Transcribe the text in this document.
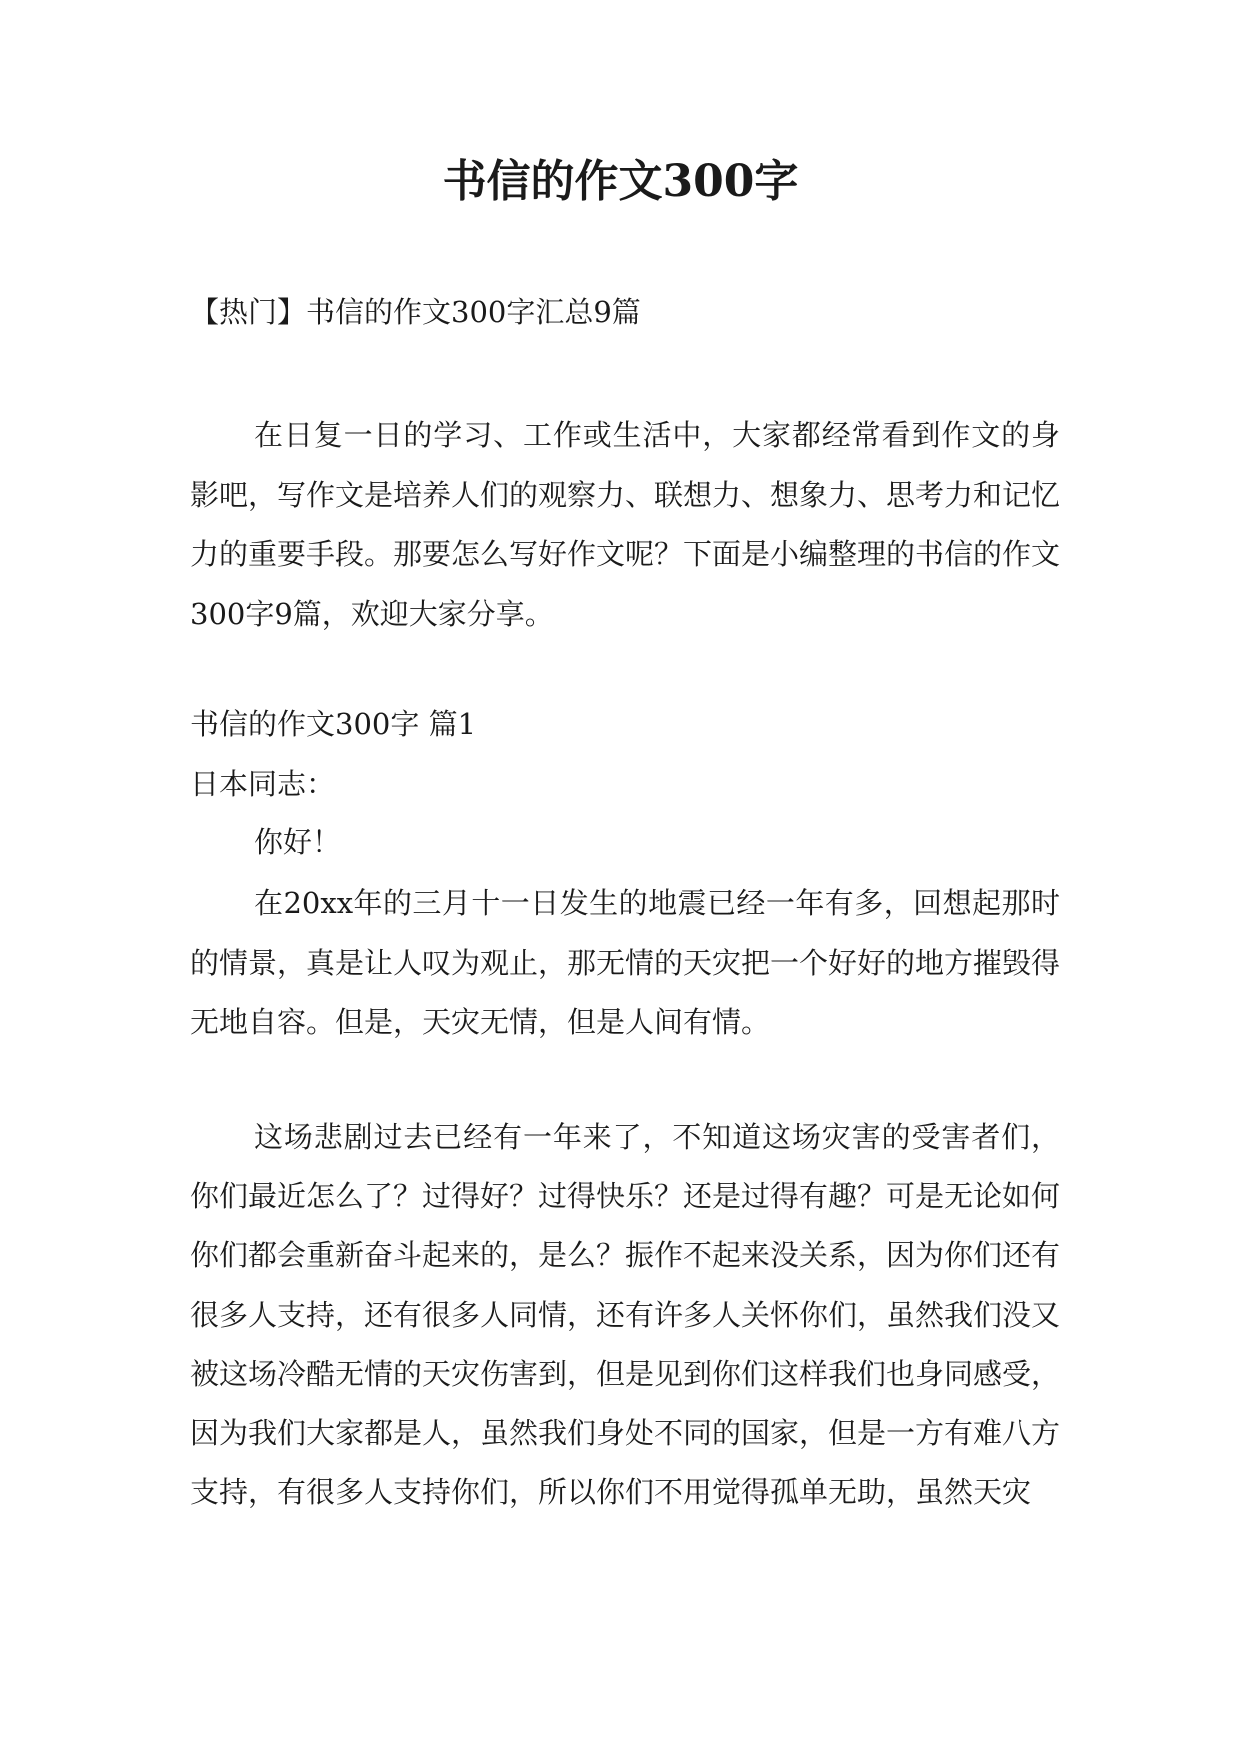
书信的作文300字

【热门】书信的作文300字汇总9篇

在日复一日的学习、工作或生活中，大家都经常看到作文的身影吧，写作文是培养人们的观察力、联想力、想象力、思考力和记忆力的重要手段。那要怎么写好作文呢？下面是小编整理的书信的作文300字9篇，欢迎大家分享。

书信的作文300字 篇1

日本同志：

你好！

在20xx年的三月十一日发生的地震已经一年有多，回想起那时的情景，真是让人叹为观止，那无情的天灾把一个好好的地方摧毁得无地自容。但是，天灾无情，但是人间有情。

这场悲剧过去已经有一年来了，不知道这场灾害的受害者们，你们最近怎么了？过得好？过得快乐？还是过得有趣？可是无论如何你们都会重新奋斗起来的，是么？振作不起来没关系，因为你们还有很多人支持，还有很多人同情，还有许多人关怀你们，虽然我们没又被这场冷酷无情的天灾伤害到，但是见到你们这样我们也身同感受，因为我们大家都是人，虽然我们身处不同的国家，但是一方有难八方支持，有很多人支持你们，所以你们不用觉得孤单无助，虽然天灾
